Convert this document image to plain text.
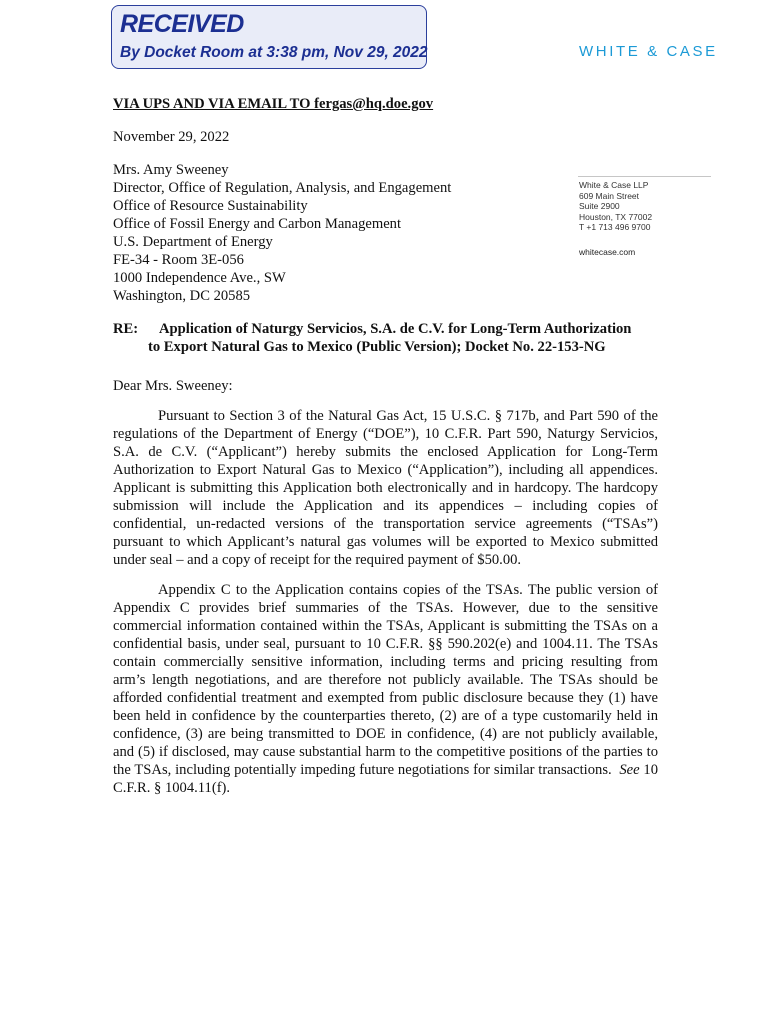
RECEIVED
By Docket Room at 3:38 pm, Nov 29, 2022	WHITE & CASE
White & Case LLP
609 Main Street
Suite 2900
Houston, TX 77002
T +1 713 496 9700
whitecase.com
VIA UPS AND VIA EMAIL TO fergas@hq.doe.gov
November 29, 2022
Mrs. Amy Sweeney
Director, Office of Regulation, Analysis, and Engagement
Office of Resource Sustainability
Office of Fossil Energy and Carbon Management
U.S. Department of Energy
FE-34 - Room 3E-056
1000 Independence Ave., SW
Washington, DC 20585
RE: Application of Naturgy Servicios, S.A. de C.V. for Long-Term Authorization
to Export Natural Gas to Mexico (Public Version); Docket No. 22-153-NG
Dear Mrs. Sweeney:

Pursuant to Section 3 of the Natural Gas Act, 15 U.S.C. § 717b, and Part 590 of the regulations of the Department of Energy (“DOE”), 10 C.F.R. Part 590, Naturgy Servicios, S.A. de C.V. (“Applicant”) hereby submits the enclosed Application for Long-Term Authorization to Export Natural Gas to Mexico (“Application”), including all appendices. Applicant is submitting this Application both electronically and in hardcopy. The hardcopy submission will include the Application and its appendices – including copies of confidential, un-redacted versions of the transportation service agreements (“TSAs”) pursuant to which Applicant’s natural gas volumes will be exported to Mexico submitted under seal – and a copy of receipt for the required payment of $50.00.

Appendix C to the Application contains copies of the TSAs. The public version of Appendix C provides brief summaries of the TSAs. However, due to the sensitive commercial information contained within the TSAs, Applicant is submitting the TSAs on a confidential basis, under seal, pursuant to 10 C.F.R. §§ 590.202(e) and 1004.11. The TSAs contain commercially sensitive information, including terms and pricing resulting from arm’s length negotiations, and are therefore not publicly available. The TSAs should be afforded confidential treatment and exempted from public disclosure because they (1) have been held in confidence by the counterparties thereto, (2) are of a type customarily held in confidence, (3) are being transmitted to DOE in confidence, (4) are not publicly available, and (5) if disclosed, may cause substantial harm to the competitive positions of the parties to the TSAs, including potentially impeding future negotiations for similar transactions. See 10 C.F.R. § 1004.11(f).
